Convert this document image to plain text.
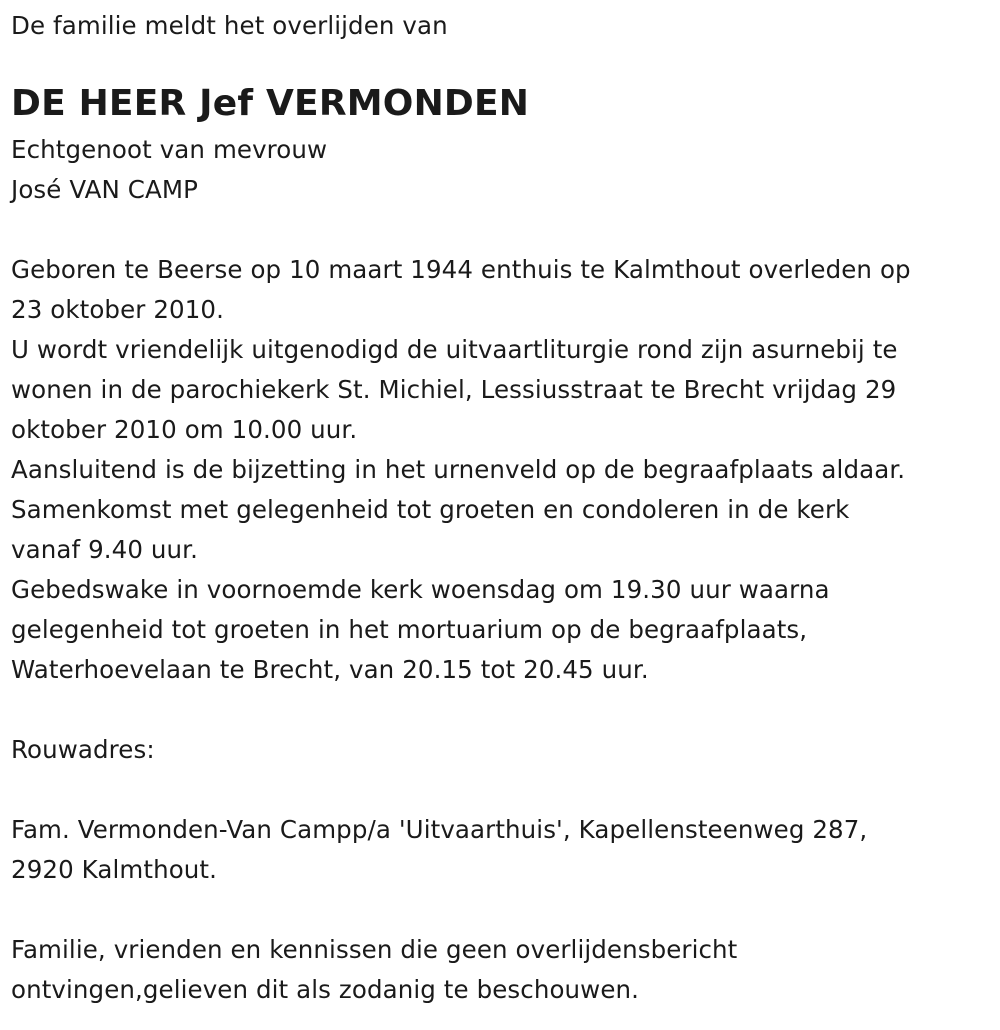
De familie meldt het overlijden van
DE HEER Jef VERMONDEN
Echtgenoot van mevrouw
José VAN CAMP
Geboren te Beerse op 10 maart 1944 enthuis te Kalmthout overleden op
23 oktober 2010.
U wordt vriendelijk uitgenodigd de uitvaartliturgie rond zijn asurnebij te
wonen in de parochiekerk St. Michiel, Lessiusstraat te Brecht vrijdag 29
oktober 2010 om 10.00 uur.
Aansluitend is de bijzetting in het urnenveld op de begraafplaats aldaar.
Samenkomst met gelegenheid tot groeten en condoleren in de kerk
vanaf 9.40 uur.
Gebedswake in voornoemde kerk woensdag om 19.30 uur waarna
gelegenheid tot groeten in het mortuarium op de begraafplaats,
Waterhoevelaan te Brecht, van 20.15 tot 20.45 uur.
Rouwadres:
Fam. Vermonden-Van Campp/a 'Uitvaarthuis', Kapellensteenweg 287,
2920 Kalmthout.
Familie, vrienden en kennissen die geen overlijdensbericht
ontvingen,gelieven dit als zodanig te beschouwen.
